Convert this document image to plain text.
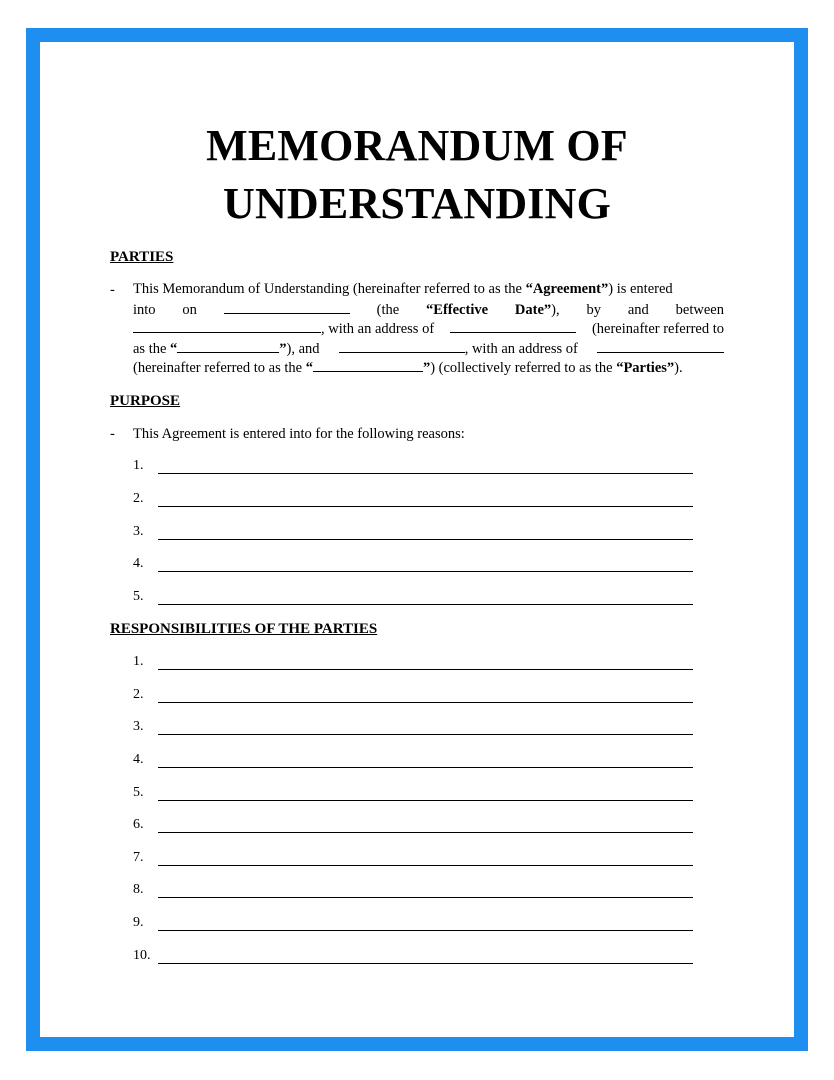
MEMORANDUM OF
UNDERSTANDING
PARTIES
- This Memorandum of Understanding (hereinafter referred to as the “Agreement”) is entered
into on	(the “Effective Date”), by and between
, with an address of	(hereinafter referred to
as the “	”), and	, with an address of
(hereinafter referred to as the “	”) (collectively referred to as the “Parties”).
PURPOSE
- This Agreement is entered into for the following reasons:
1.
2.
3.
4.
5.
RESPONSIBILITIES OF THE PARTIES
1.
2.
3.
4.
5.
6.
7.
8.
9.
10.
